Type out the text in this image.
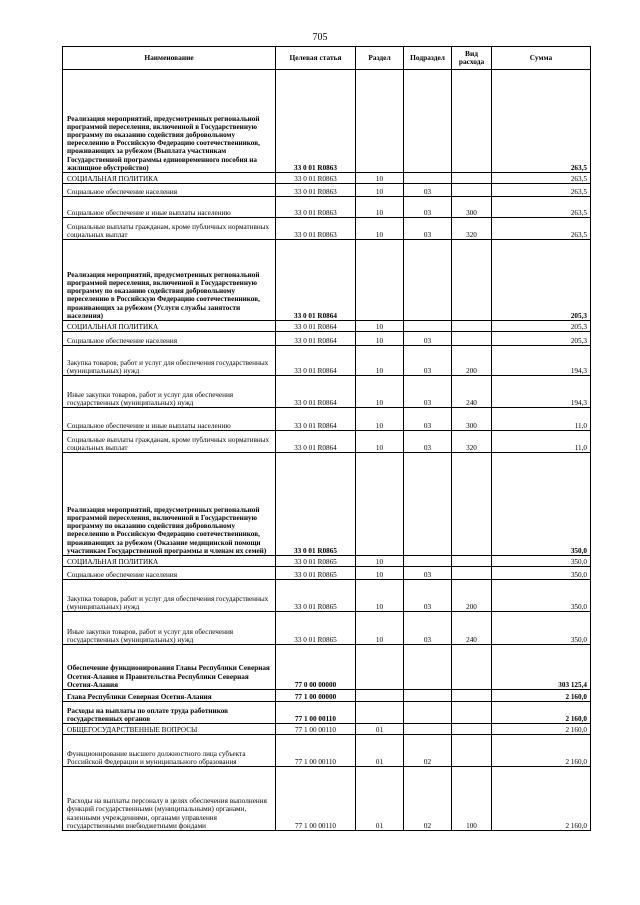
705
Наименование	Целевая статья	Раздел	Подраздел	Вид расхода	Сумма
Реализация мероприятий, предусмотренных региональной программой переселения, включенной в Государственную программу по оказанию содействия добровольному переселению в Российскую Федерацию соотечественников, проживающих за рубежом (Выплата участникам Государственной программы единовременного пособия на жилищное обустройство)	33 0 01 R0863				263,5
СОЦИАЛЬНАЯ ПОЛИТИКА	33 0 01 R0863	10			263,5
Социальное обеспечение населения	33 0 01 R0863	10	03		263,5
Социальное обеспечение и иные выплаты населению	33 0 01 R0863	10	03	300	263,5
Социальные выплаты гражданам, кроме публичных нормативных социальных выплат	33 0 01 R0863	10	03	320	263,5
Реализация мероприятий, предусмотренных региональной программой переселения, включенной в Государственную программу по оказанию содействия добровольному переселению в Российскую Федерацию соотечественников, проживающих за рубежом (Услуги службы занятости населения)	33 0 01 R0864				205,3
СОЦИАЛЬНАЯ ПОЛИТИКА	33 0 01 R0864	10			205,3
Социальное обеспечение населения	33 0 01 R0864	10	03		205,3
Закупка товаров, работ и услуг для обеспечения государственных (муниципальных) нужд	33 0 01 R0864	10	03	200	194,3
Иные закупки товаров, работ и услуг для обеспечения государственных (муниципальных) нужд	33 0 01 R0864	10	03	240	194,3
Социальное обеспечение и иные выплаты населению	33 0 01 R0864	10	03	300	11,0
Социальные выплаты гражданам, кроме публичных нормативных социальных выплат	33 0 01 R0864	10	03	320	11,0
Реализация мероприятий, предусмотренных региональной программой переселения, включенной в Государственную программу по оказанию содействия добровольному переселению в Российскую Федерацию соотечественников, проживающих за рубежом (Оказание медицинской помощи участникам Государственной программы и членам их семей)	33 0 01 R0865				350,0
СОЦИАЛЬНАЯ ПОЛИТИКА	33 0 01 R0865	10			350,0
Социальное обеспечение населения	33 0 01 R0865	10	03		350,0
Закупка товаров, работ и услуг для обеспечения государственных (муниципальных) нужд	33 0 01 R0865	10	03	200	350,0
Иные закупки товаров, работ и услуг для обеспечения государственных (муниципальных) нужд	33 0 01 R0865	10	03	240	350,0
Обеспечение функционирования Главы Республики Северная Осетия-Алания и Правительства Республики Северная Осетия-Алания	77 0 00 00000				303 125,4
Глава Республики Северная Осетия-Алания	77 1 00 00000				2 160,0
Расходы на выплаты по оплате труда работников государственных органов	77 1 00 00110				2 160,0
ОБЩЕГОСУДАРСТВЕННЫЕ ВОПРОСЫ	77 1 00 00110	01			2 160,0
Функционирование высшего должностного лица субъекта Российской Федерации и муниципального образования	77 1 00 00110	01	02		2 160,0
Расходы на выплаты персоналу в целях обеспечения выполнения функций государственными (муниципальными) органами, казенными учреждениями, органами управления государственными внебюджетными фондами	77 1 00 00110	01	02	100	2 160,0
